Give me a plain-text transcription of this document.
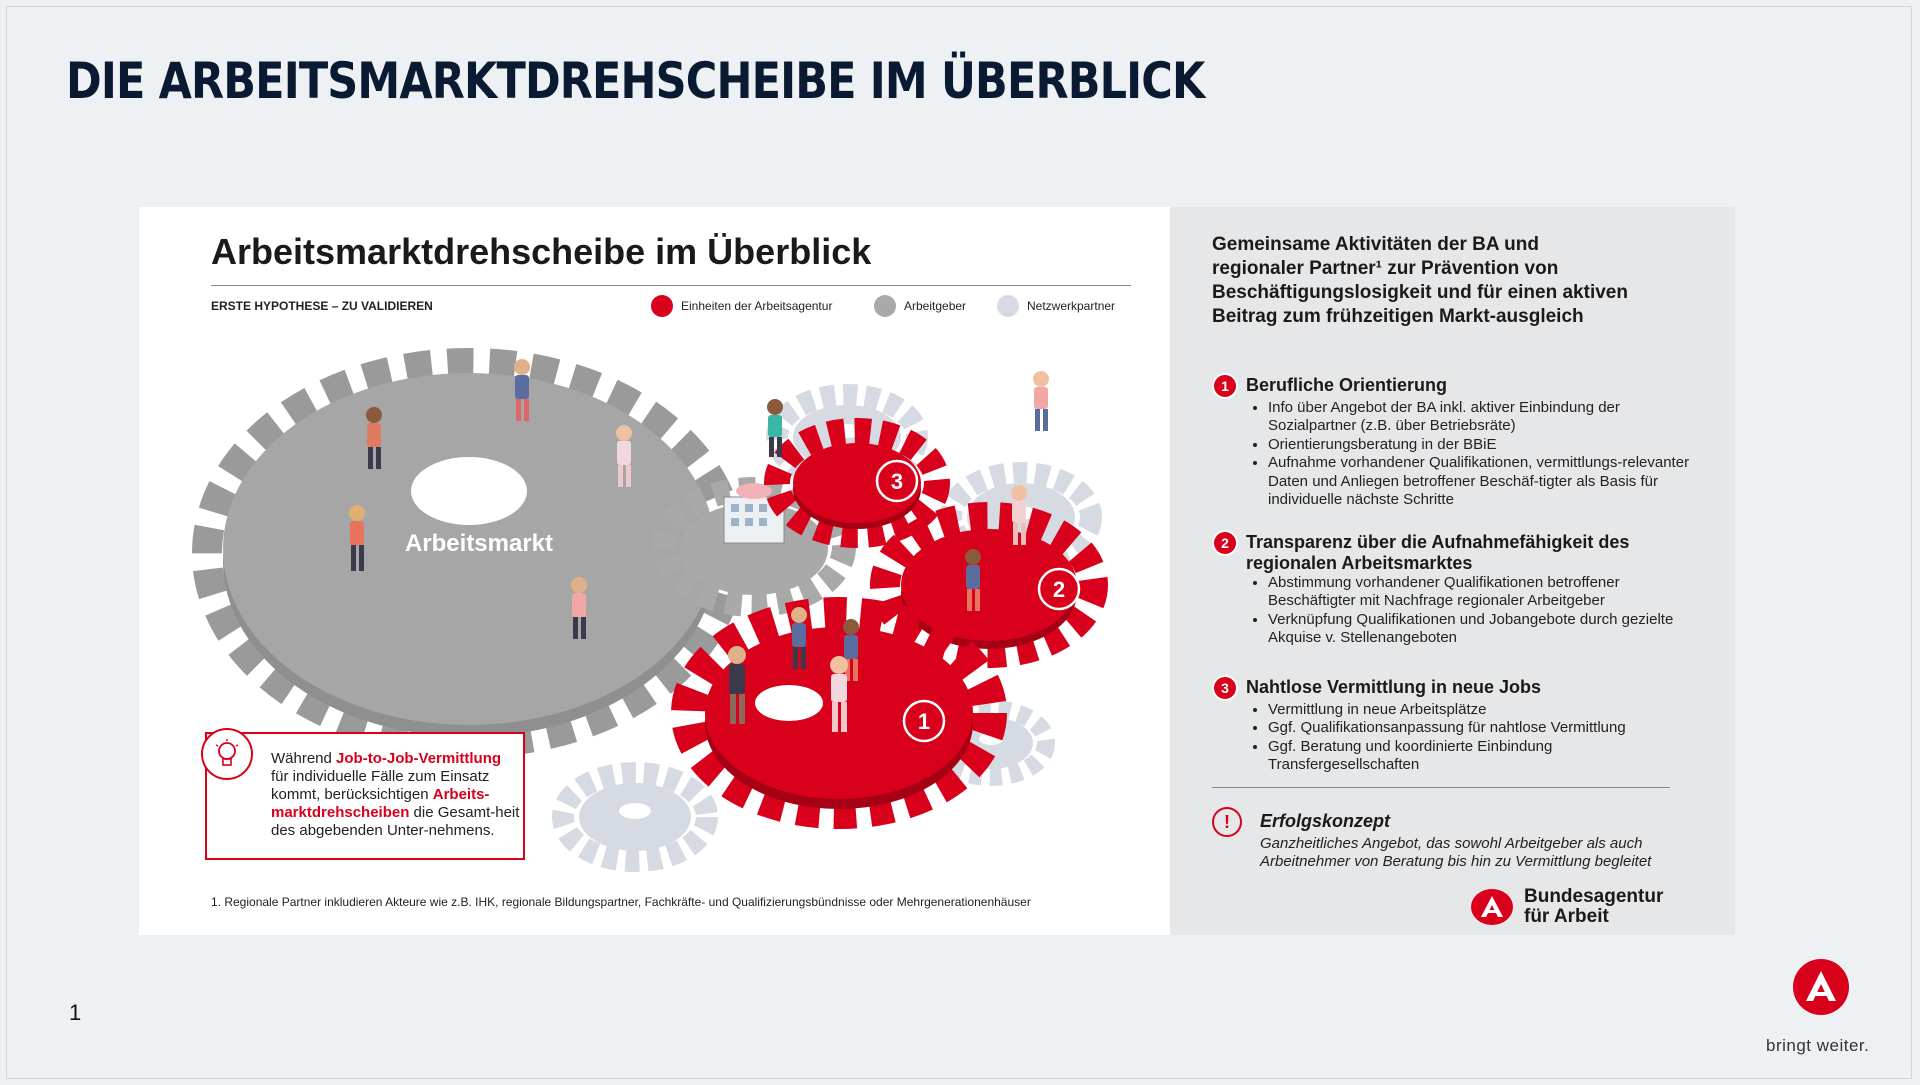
DIE ARBEITSMARKTDREHSCHEIBE IM ÜBERBLICK
Arbeitsmarktdrehscheibe im Überblick
ERSTE HYPOTHESE – ZU VALIDIEREN	Einheiten der Arbeitsagentur	Arbeitgeber	Netzwerkpartner
Arbeitsmarkt
3
2
1
Während Job-to-Job-Vermittlung für individuelle Fälle zum Einsatz kommt, berücksichtigen Arbeits-marktdrehscheiben die Gesamt-heit des abgebenden Unter-nehmens.
1. Regionale Partner inkludieren Akteure wie z.B. IHK, regionale Bildungspartner, Fachkräfte- und Qualifizierungsbündnisse oder Mehrgenerationenhäuser
Gemeinsame Aktivitäten der BA und regionaler Partner¹ zur Prävention von Beschäftigungslosigkeit und für einen aktiven Beitrag zum frühzeitigen Markt-ausgleich
1 Berufliche Orientierung
• Info über Angebot der BA inkl. aktiver Einbindung der Sozialpartner (z.B. über Betriebsräte)
• Orientierungsberatung in der BBiE
• Aufnahme vorhandener Qualifikationen, vermittlungs-relevanter Daten und Anliegen betroffener Beschäf-tigter als Basis für individuelle nächste Schritte
2 Transparenz über die Aufnahmefähigkeit des regionalen Arbeitsmarktes
• Abstimmung vorhandener Qualifikationen betroffener Beschäftigter mit Nachfrage regionaler Arbeitgeber
• Verknüpfung Qualifikationen und Jobangebote durch gezielte Akquise v. Stellenangeboten
3 Nahtlose Vermittlung in neue Jobs
• Vermittlung in neue Arbeitsplätze
• Ggf. Qualifikationsanpassung für nahtlose Vermittlung
• Ggf. Beratung und koordinierte Einbindung Transfergesellschaften
!	Erfolgskonzept
Ganzheitliches Angebot, das sowohl Arbeitgeber als auch Arbeitnehmer von Beratung bis hin zu Vermittlung begleitet
Bundesagentur
für Arbeit
1
bringt weiter.
